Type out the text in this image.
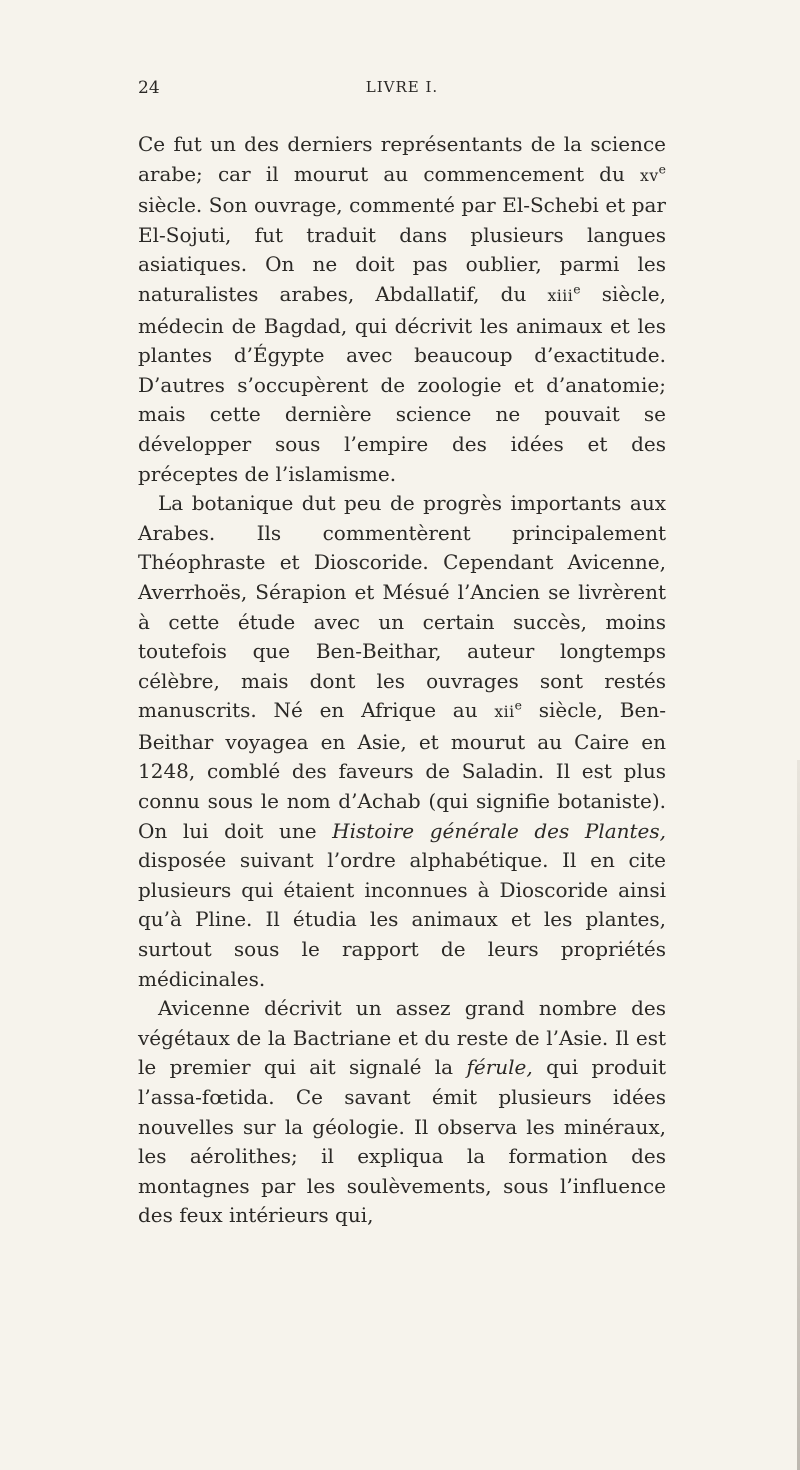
24	LIVRE I.

Ce fut un des derniers représentants de la science arabe; car il mourut au commencement du $xv^e$ siècle. Son ouvrage, commenté par El-Schebi et par El-Sojuti, fut traduit dans plusieurs langues asiatiques. On ne doit pas oublier, parmi les naturalistes arabes, Abdallatif, du xiii$^e$ siècle, médecin de Bagdad, qui décrivit les animaux et les plantes d’Égypte avec beaucoup d’exactitude. D’autres s’occupèrent de zoologie et d’anatomie; mais cette dernière science ne pouvait se développer sous l’empire des idées et des préceptes de l’islamisme.

La botanique dut peu de progrès importants aux Arabes. Ils commentèrent principalement Théophraste et Dioscoride. Cependant Avicenne, Averrhoës, Sérapion et Mésué l’Ancien se livrèrent à cette étude avec un certain succès, moins toutefois que Ben-Beithar, auteur longtemps célèbre, mais dont les ouvrages sont restés manuscrits. Né en Afrique au xii$^e$ siècle, Ben-Beithar voyagea en Asie, et mourut au Caire en 1248, comblé des faveurs de Saladin. Il est plus connu sous le nom d’Achab (qui signifie botaniste). On lui doit une Histoire générale des Plantes, disposée suivant l’ordre alphabétique. Il en cite plusieurs qui étaient inconnues à Dioscoride ainsi qu’à Pline. Il étudia les animaux et les plantes, surtout sous le rapport de leurs propriétés médicinales.

Avicenne décrivit un assez grand nombre des végétaux de la Bactriane et du reste de l’Asie. Il est le premier qui ait signalé la férule, qui produit l’assa-fœtida. Ce savant émit plusieurs idées nouvelles sur la géologie. Il observa les minéraux, les aérolithes; il expliqua la formation des montagnes par les soulèvements, sous l’influence des feux intérieurs qui,
